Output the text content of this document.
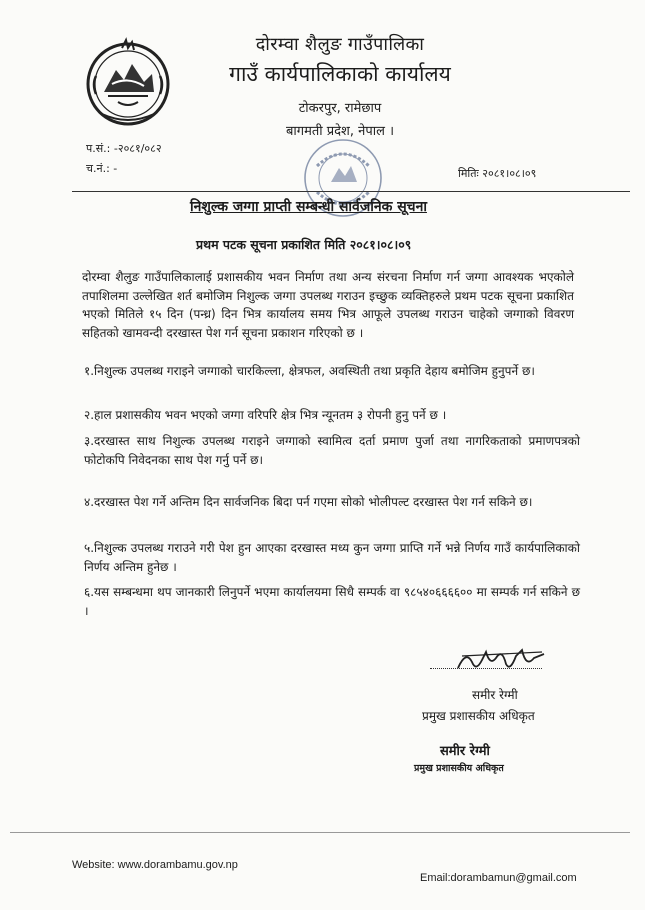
दोरम्वा शैलुङ गाउँपालिका
गाउँ कार्यपालिकाको कार्यालय
टोकरपुर, रामेछाप
बागमती प्रदेश, नेपाल ।
प.सं.: -२०८१/०८२
च.नं.: -	मितिः २०८१।०८।०९
निशुल्क जग्गा प्राप्ती सम्बन्धी सार्वजनिक सूचना
प्रथम पटक सूचना प्रकाशित मिति २०८१।०८।०९
दोरम्वा शैलुङ गाउँपालिकालाई प्रशासकीय भवन निर्माण तथा अन्य संरचना निर्माण गर्न जग्गा आवश्यक भएकोले तपाशिलमा उल्लेखित शर्त बमोजिम निशुल्क जग्गा उपलब्ध गराउन इच्छुक व्यक्तिहरुले प्रथम पटक सूचना प्रकाशित भएको मितिले १५ दिन (पन्ध्र) दिन भित्र कार्यालय समय भित्र आफूले उपलब्ध गराउन चाहेको जग्गाको विवरण सहितको खामवन्दी दरखास्त पेश गर्न सूचना प्रकाशन गरिएको छ ।
१.निशुल्क उपलब्ध गराइने जग्गाको चारकिल्ला, क्षेत्रफल, अवस्थिती तथा प्रकृति देहाय बमोजिम हुनुपर्ने छ।
२.हाल प्रशासकीय भवन भएको जग्गा वरिपरि क्षेत्र भित्र न्यूनतम ३ रोपनी हुनु पर्ने छ ।
३.दरखास्त साथ निशुल्क उपलब्ध गराइने जग्गाको स्वामित्व दर्ता प्रमाण पुर्जा तथा नागरिकताको प्रमाणपत्रको फोटोकपि निवेदनका साथ पेश गर्नु पर्ने छ।
४.दरखास्त पेश गर्ने अन्तिम दिन सार्वजनिक बिदा पर्न गएमा सोको भोलीपल्ट दरखास्त पेश गर्न सकिने छ।
५.निशुल्क उपलब्ध गराउने गरी पेश हुन आएका दरखास्त मध्य कुन जग्गा प्राप्ति गर्ने भन्ने निर्णय गाउँ कार्यपालिकाको निर्णय अन्तिम हुनेछ ।
६.यस सम्बन्धमा थप जानकारी लिनुपर्ने भएमा कार्यालयमा सिधै सम्पर्क वा ९८५४०६६६६०० मा सम्पर्क गर्न सकिने छ ।
समीर रेग्मी
प्रमुख प्रशासकीय अधिकृत
समीर रेग्मी
प्रमुख प्रशासकीय अधिकृत
Website: www.dorambamu.gov.np
Email:dorambamun@gmail.com
